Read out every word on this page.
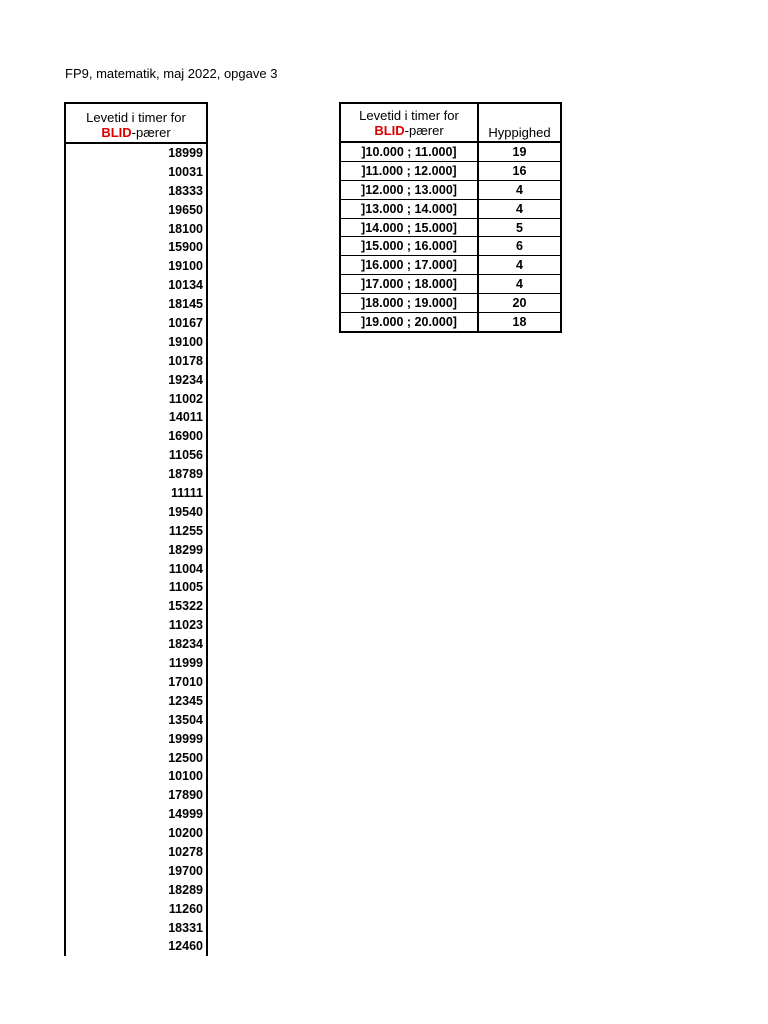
FP9, matematik, maj 2022, opgave 3
Levetid i timer for
BLID-pærer
18999
10031
18333
19650
18100
15900
19100
10134
18145
10167
19100
10178
19234
11002
14011
16900
11056
18789
11111
19540
11255
18299
11004
11005
15322
11023
18234
11999
17010
12345
13504
19999
12500
10100
17890
14999
10200
10278
19700
18289
11260
18331
12460
Levetid i timer for
BLID-pærer	Hyppighed
]10.000 ; 11.000]	19
]11.000 ; 12.000]	16
]12.000 ; 13.000]	4
]13.000 ; 14.000]	4
]14.000 ; 15.000]	5
]15.000 ; 16.000]	6
]16.000 ; 17.000]	4
]17.000 ; 18.000]	4
]18.000 ; 19.000]	20
]19.000 ; 20.000]	18
